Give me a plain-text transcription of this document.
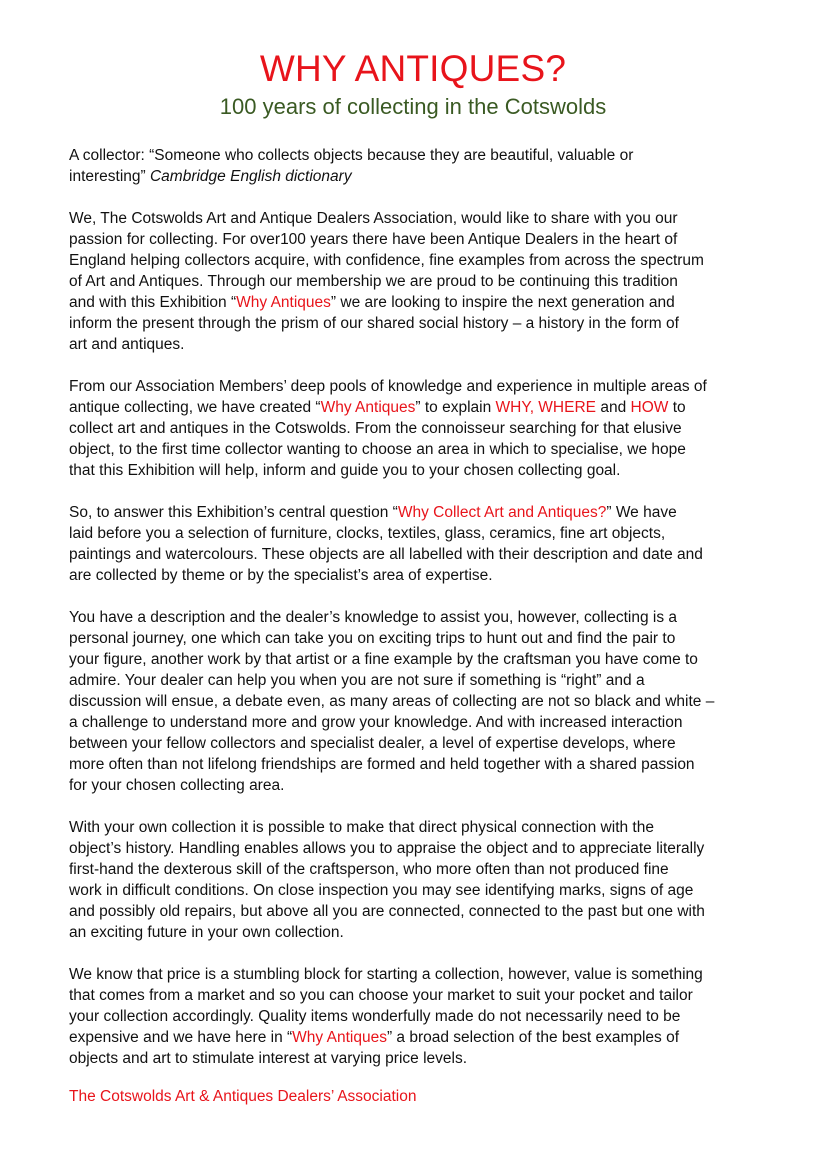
WHY ANTIQUES?
100 years of collecting in the Cotswolds
A collector: “Someone who collects objects because they are beautiful, valuable or
interesting” Cambridge English dictionary
We, The Cotswolds Art and Antique Dealers Association, would like to share with you our
passion for collecting. For over100 years there have been Antique Dealers in the heart of
England helping collectors acquire, with confidence, fine examples from across the spectrum
of Art and Antiques. Through our membership we are proud to be continuing this tradition
and with this Exhibition “Why Antiques” we are looking to inspire the next generation and
inform the present through the prism of our shared social history – a history in the form of
art and antiques.
From our Association Members’ deep pools of knowledge and experience in multiple areas of
antique collecting, we have created “Why Antiques” to explain WHY, WHERE and HOW to
collect art and antiques in the Cotswolds. From the connoisseur searching for that elusive
object, to the first time collector wanting to choose an area in which to specialise, we hope
that this Exhibition will help, inform and guide you to your chosen collecting goal.
So, to answer this Exhibition’s central question “Why Collect Art and Antiques?” We have
laid before you a selection of furniture, clocks, textiles, glass, ceramics, fine art objects,
paintings and watercolours. These objects are all labelled with their description and date and
are collected by theme or by the specialist’s area of expertise.
You have a description and the dealer’s knowledge to assist you, however, collecting is a
personal journey, one which can take you on exciting trips to hunt out and find the pair to
your figure, another work by that artist or a fine example by the craftsman you have come to
admire. Your dealer can help you when you are not sure if something is “right” and a
discussion will ensue, a debate even, as many areas of collecting are not so black and white –
a challenge to understand more and grow your knowledge. And with increased interaction
between your fellow collectors and specialist dealer, a level of expertise develops, where
more often than not lifelong friendships are formed and held together with a shared passion
for your chosen collecting area.
With your own collection it is possible to make that direct physical connection with the
object’s history. Handling enables allows you to appraise the object and to appreciate literally
first-hand the dexterous skill of the craftsperson, who more often than not produced fine
work in difficult conditions. On close inspection you may see identifying marks, signs of age
and possibly old repairs, but above all you are connected, connected to the past but one with
an exciting future in your own collection.
We know that price is a stumbling block for starting a collection, however, value is something
that comes from a market and so you can choose your market to suit your pocket and tailor
your collection accordingly. Quality items wonderfully made do not necessarily need to be
expensive and we have here in “Why Antiques” a broad selection of the best examples of
objects and art to stimulate interest at varying price levels.
The Cotswolds Art & Antiques Dealers’ Association
